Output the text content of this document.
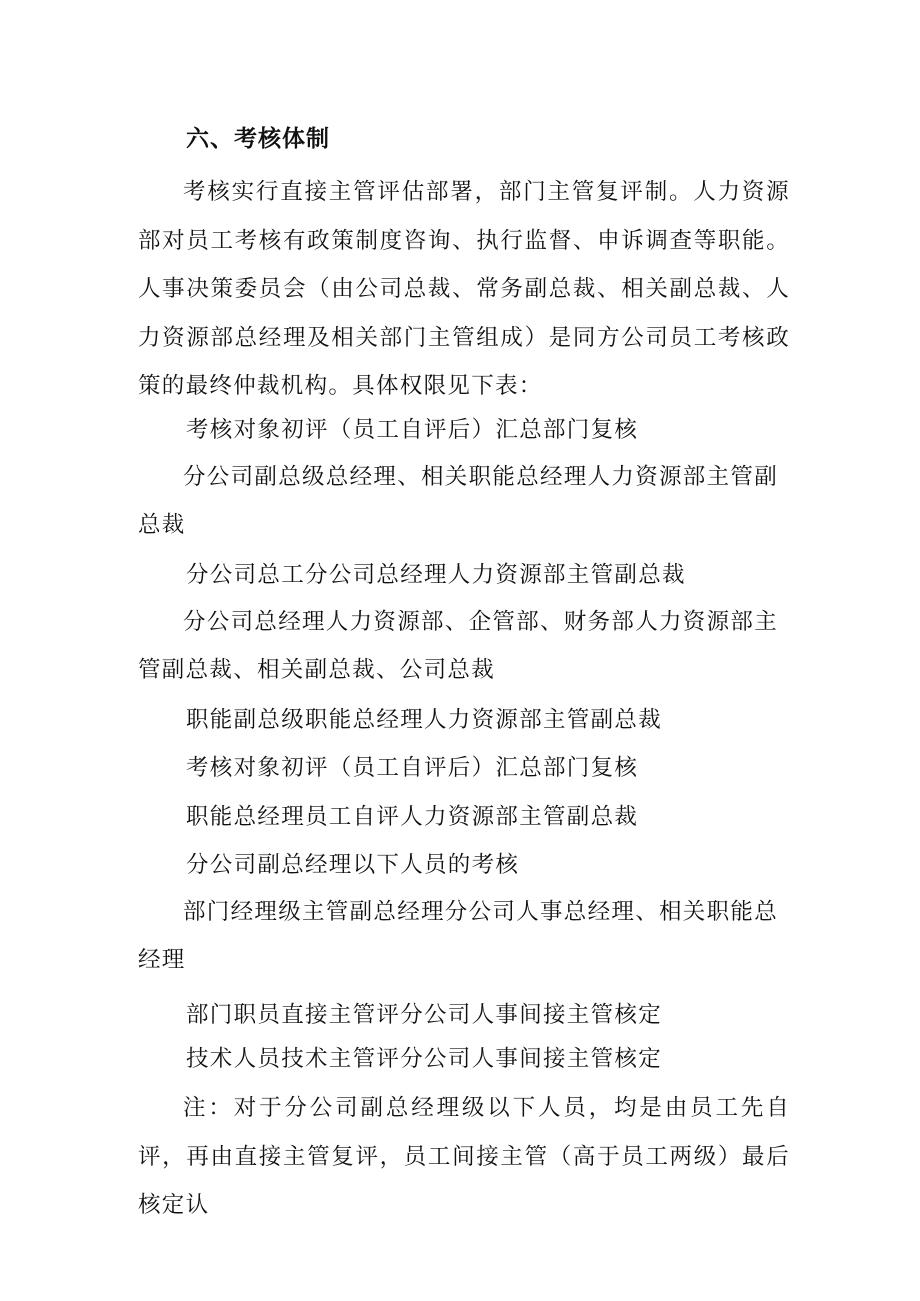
六、考核体制

考核实行直接主管评估部署，部门主管复评制。人力资源部对员工考核有政策制度咨询、执行监督、申诉调查等职能。人事决策委员会（由公司总裁、常务副总裁、相关副总裁、人力资源部总经理及相关部门主管组成）是同方公司员工考核政策的最终仲裁机构。具体权限见下表：

考核对象初评（员工自评后）汇总部门复核

分公司副总级总经理、相关职能总经理人力资源部主管副总裁

分公司总工分公司总经理人力资源部主管副总裁

分公司总经理人力资源部、企管部、财务部人力资源部主管副总裁、相关副总裁、公司总裁

职能副总级职能总经理人力资源部主管副总裁
考核对象初评（员工自评后）汇总部门复核
职能总经理员工自评人力资源部主管副总裁
分公司副总经理以下人员的考核

部门经理级主管副总经理分公司人事总经理、相关职能总经理

部门职员直接主管评分公司人事间接主管核定
技术人员技术主管评分公司人事间接主管核定

注：对于分公司副总经理级以下人员，均是由员工先自评，再由直接主管复评，员工间接主管（高于员工两级）最后核定认
